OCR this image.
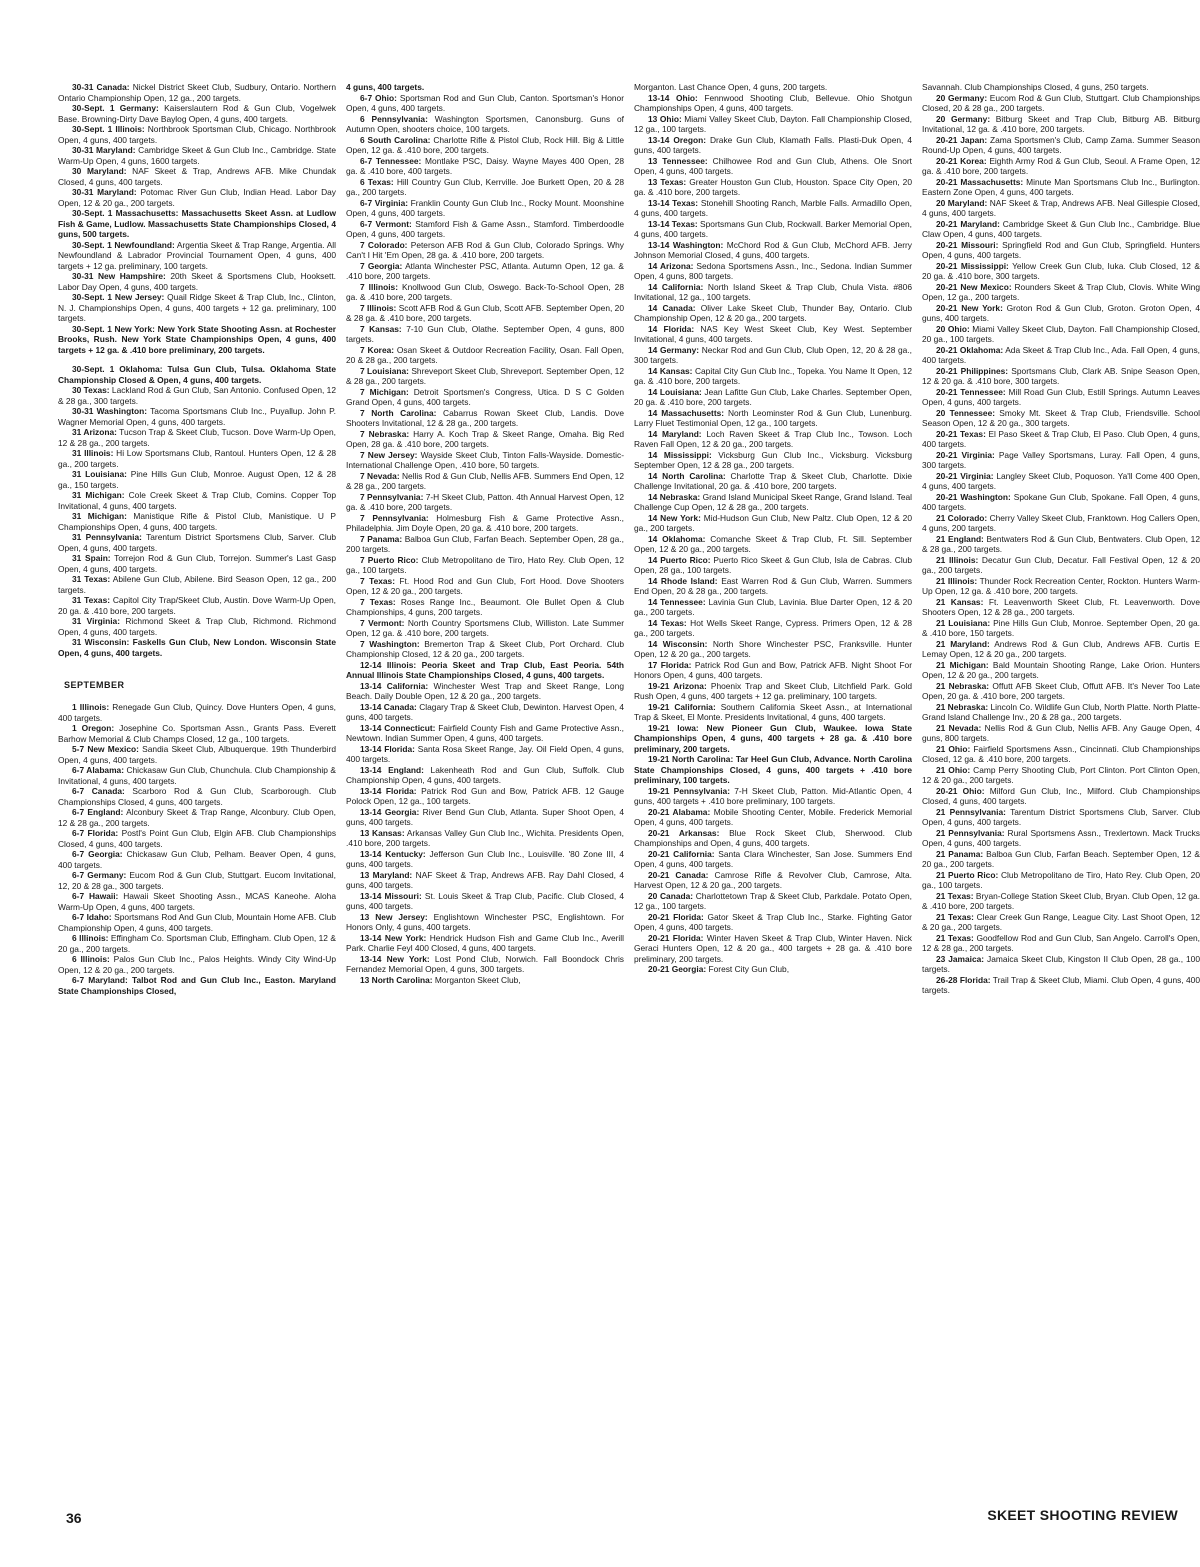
30-31 Canada: Nickel District Skeet Club, Sudbury, Ontario. Northern Ontario Championship Open, 12 ga., 200 targets.

30-Sept. 1 Germany: Kaiserslautern Rod & Gun Club, Vogelwek Base. Browning-Dirty Dave Baylog Open, 4 guns, 400 targets.

30-Sept. 1 Illinois: Northbrook Sportsman Club, Chicago. Northbrook Open, 4 guns, 400 targets.

30-31 Maryland: Cambridge Skeet & Gun Club Inc., Cambridge. State Warm-Up Open, 4 guns, 1600 targets.

30 Maryland: NAF Skeet & Trap, Andrews AFB. Mike Chundak Closed, 4 guns, 400 targets.

30-31 Maryland: Potomac River Gun Club, Indian Head. Labor Day Open, 12 & 20 ga., 200 targets.

30-Sept. 1 Massachusetts: Massachusetts Skeet Assn. at Ludlow Fish & Game, Ludlow. Massachusetts State Championships Closed, 4 guns, 500 targets.

30-Sept. 1 Newfoundland: Argentia Skeet & Trap Range, Argentia. All Newfoundland & Labrador Provincial Tournament Open, 4 guns, 400 targets + 12 ga. preliminary, 100 targets.

30-31 New Hampshire: 20th Skeet & Sportsmens Club, Hooksett. Labor Day Open, 4 guns, 400 targets.

30-Sept. 1 New Jersey: Quail Ridge Skeet & Trap Club, Inc., Clinton, N. J. Championships Open, 4 guns, 400 targets + 12 ga. preliminary, 100 targets.

30-Sept. 1 New York: New York State Shooting Assn. at Rochester Brooks, Rush. New York State Championships Open, 4 guns, 400 targets + 12 ga. & .410 bore preliminary, 200 targets.

30-Sept. 1 Oklahoma: Tulsa Gun Club, Tulsa. Oklahoma State Championship Closed & Open, 4 guns, 400 targets.

30 Texas: Lackland Rod & Gun Club, San Antonio. Confused Open, 12 & 28 ga., 300 targets.

30-31 Washington: Tacoma Sportsmans Club Inc., Puyallup. John P. Wagner Memorial Open, 4 guns, 400 targets.

31 Arizona: Tucson Trap & Skeet Club, Tucson. Dove Warm-Up Open, 12 & 28 ga., 200 targets.

31 Illinois: Hi Low Sportsmans Club, Rantoul. Hunters Open, 12 & 28 ga., 200 targets.

31 Louisiana: Pine Hills Gun Club, Monroe. August Open, 12 & 28 ga., 150 targets.

31 Michigan: Cole Creek Skeet & Trap Club, Comins. Copper Top Invitational, 4 guns, 400 targets.

31 Michigan: Manistique Rifle & Pistol Club, Manistique. U P Championships Open, 4 guns, 400 targets.

31 Pennsylvania: Tarentum District Sportsmens Club, Sarver. Club Open, 4 guns, 400 targets.

31 Spain: Torrejon Rod & Gun Club, Torrejon. Summer's Last Gasp Open, 4 guns, 400 targets.

31 Texas: Abilene Gun Club, Abilene. Bird Season Open, 12 ga., 200 targets.

31 Texas: Capitol City Trap/Skeet Club, Austin. Dove Warm-Up Open, 20 ga. & .410 bore, 200 targets.

31 Virginia: Richmond Skeet & Trap Club, Richmond. Richmond Open, 4 guns, 400 targets.

31 Wisconsin: Faskells Gun Club, New London. Wisconsin State Open, 4 guns, 400 targets.

SEPTEMBER

1 Illinois: Renegade Gun Club, Quincy. Dove Hunters Open, 4 guns, 400 targets.

1 Oregon: Josephine Co. Sportsman Assn., Grants Pass. Everett Barhow Memorial & Club Champs Closed, 12 ga., 100 targets.

5-7 New Mexico: Sandia Skeet Club, Albuquerque. 19th Thunderbird Open, 4 guns, 400 targets.

6-7 Alabama: Chickasaw Gun Club, Chunchula. Club Championship & Invitational, 4 guns, 400 targets.

6-7 Canada: Scarboro Rod & Gun Club, Scarborough. Club Championships Closed, 4 guns, 400 targets.

6-7 England: Alconbury Skeet & Trap Range, Alconbury. Club Open, 12 & 28 ga., 200 targets.

6-7 Florida: Postl's Point Gun Club, Elgin AFB. Club Championships Closed, 4 guns, 400 targets.

6-7 Georgia: Chickasaw Gun Club, Pelham. Beaver Open, 4 guns, 400 targets.

6-7 Germany: Eucom Rod & Gun Club, Stuttgart. Eucom Invitational, 12, 20 & 28 ga., 300 targets.

6-7 Hawaii: Hawaii Skeet Shooting Assn., MCAS Kaneohe. Aloha Warm-Up Open, 4 guns, 400 targets.

6-7 Idaho: Sportsmans Rod And Gun Club, Mountain Home AFB. Club Championship Open, 4 guns, 400 targets.

6 Illinois: Effingham Co. Sportsman Club, Effingham. Club Open, 12 & 20 ga., 200 targets.

6 Illinois: Palos Gun Club Inc., Palos Heights. Windy City Wind-Up Open, 12 & 20 ga., 200 targets.

6-7 Maryland: Talbot Rod and Gun Club Inc., Easton. Maryland State Championships Closed,

4 guns, 400 targets.

6-7 Ohio: Sportsman Rod and Gun Club, Canton. Sportsman's Honor Open, 4 guns, 400 targets.

6 Pennsylvania: Washington Sportsmen, Canonsburg. Guns of Autumn Open, shooters choice, 100 targets.

6 South Carolina: Charlotte Rifle & Pistol Club, Rock Hill. Big & Little Open, 12 ga. & .410 bore, 200 targets.

6-7 Tennessee: Montlake PSC, Daisy. Wayne Mayes 400 Open, 28 ga. & .410 bore, 400 targets.

6 Texas: Hill Country Gun Club, Kerrville. Joe Burkett Open, 20 & 28 ga., 200 targets.

6-7 Virginia: Franklin County Gun Club Inc., Rocky Mount. Moonshine Open, 4 guns, 400 targets.

6-7 Vermont: Stamford Fish & Game Assn., Stamford. Timberdoodle Open, 4 guns, 400 targets.

7 Colorado: Peterson AFB Rod & Gun Club, Colorado Springs. Why Can't I Hit 'Em Open, 28 ga. & .410 bore, 200 targets.

7 Georgia: Atlanta Winchester PSC, Atlanta. Autumn Open, 12 ga. & .410 bore, 200 targets.

7 Illinois: Knollwood Gun Club, Oswego. Back-To-School Open, 28 ga. & .410 bore, 200 targets.

7 Illinois: Scott AFB Rod & Gun Club, Scott AFB. September Open, 20 & 28 ga. & .410 bore, 200 targets.

7 Kansas: 7-10 Gun Club, Olathe. September Open, 4 guns, 800 targets.

7 Korea: Osan Skeet & Outdoor Recreation Facility, Osan. Fall Open, 20 & 28 ga., 200 targets.

7 Louisiana: Shreveport Skeet Club, Shreveport. September Open, 12 & 28 ga., 200 targets.

7 Michigan: Detroit Sportsmen's Congress, Utica. D S C Golden Grand Open, 4 guns, 400 targets.

7 North Carolina: Cabarrus Rowan Skeet Club, Landis. Dove Shooters Invitational, 12 & 28 ga., 200 targets.

7 Nebraska: Harry A. Koch Trap & Skeet Range, Omaha. Big Red Open, 28 ga. & .410 bore, 200 targets.

7 New Jersey: Wayside Skeet Club, Tinton Falls-Wayside. Domestic-International Challenge Open, .410 bore, 50 targets.

7 Nevada: Nellis Rod & Gun Club, Nellis AFB. Summers End Open, 12 & 28 ga., 200 targets.

7 Pennsylvania: 7-H Skeet Club, Patton. 4th Annual Harvest Open, 12 ga. & .410 bore, 200 targets.

7 Pennsylvania: Holmesburg Fish & Game Protective Assn., Philadelphia. Jim Doyle Open, 20 ga. & .410 bore, 200 targets.

7 Panama: Balboa Gun Club, Farfan Beach. September Open, 28 ga., 200 targets.

7 Puerto Rico: Club Metropolitano de Tiro, Hato Rey. Club Open, 12 ga., 100 targets.

7 Texas: Ft. Hood Rod and Gun Club, Fort Hood. Dove Shooters Open, 12 & 20 ga., 200 targets.

7 Texas: Roses Range Inc., Beaumont. Ole Bullet Open & Club Championships, 4 guns, 200 targets.

7 Vermont: North Country Sportsmens Club, Williston. Late Summer Open, 12 ga. & .410 bore, 200 targets.

7 Washington: Bremerton Trap & Skeet Club, Port Orchard. Club Championship Closed, 12 & 20 ga., 200 targets.

12-14 Illinois: Peoria Skeet and Trap Club, East Peoria. 54th Annual Illinois State Championships Closed, 4 guns, 400 targets.

13-14 California: Winchester West Trap and Skeet Range, Long Beach. Daily Double Open, 12 & 20 ga., 200 targets.

13-14 Canada: Clagary Trap & Skeet Club, Dewinton. Harvest Open, 4 guns, 400 targets.

13-14 Connecticut: Fairfield County Fish and Game Protective Assn., Newtown. Indian Summer Open, 4 guns, 400 targets.

13-14 Florida: Santa Rosa Skeet Range, Jay. Oil Field Open, 4 guns, 400 targets.

13-14 England: Lakenheath Rod and Gun Club, Suffolk. Club Championship Open, 4 guns, 400 targets.

13-14 Florida: Patrick Rod Gun and Bow, Patrick AFB. 12 Gauge Polock Open, 12 ga., 100 targets.

13-14 Georgia: River Bend Gun Club, Atlanta. Super Shoot Open, 4 guns, 400 targets.

13 Kansas: Arkansas Valley Gun Club Inc., Wichita. Presidents Open, .410 bore, 200 targets.

13-14 Kentucky: Jefferson Gun Club Inc., Louisville. '80 Zone III, 4 guns, 400 targets.

13 Maryland: NAF Skeet & Trap, Andrews AFB. Ray Dahl Closed, 4 guns, 400 targets.

13-14 Missouri: St. Louis Skeet & Trap Club, Pacific. Club Closed, 4 guns, 400 targets.

13 New Jersey: Englishtown Winchester PSC, Englishtown. For Honors Only, 4 guns, 400 targets.

13-14 New York: Hendrick Hudson Fish and Game Club Inc., Averill Park. Charlie Feyl 400 Closed, 4 guns, 400 targets.

13-14 New York: Lost Pond Club, Norwich. Fall Boondock Chris Fernandez Memorial Open, 4 guns, 300 targets.

13 North Carolina: Morganton Skeet Club,

Morganton. Last Chance Open, 4 guns, 200 targets.

13-14 Ohio: Fennwood Shooting Club, Bellevue. Ohio Shotgun Championships Open, 4 guns, 400 targets.

13 Ohio: Miami Valley Skeet Club, Dayton. Fall Championship Closed, 12 ga., 100 targets.

13-14 Oregon: Drake Gun Club, Klamath Falls. Plasti-Duk Open, 4 guns, 400 targets.

13 Tennessee: Chilhowee Rod and Gun Club, Athens. Ole Snort Open, 4 guns, 400 targets.

13 Texas: Greater Houston Gun Club, Houston. Space City Open, 20 ga. & .410 bore, 200 targets.

13-14 Texas: Stonehill Shooting Ranch, Marble Falls. Armadillo Open, 4 guns, 400 targets.

13-14 Texas: Sportsmans Gun Club, Rockwall. Barker Memorial Open, 4 guns, 400 targets.

13-14 Washington: McChord Rod & Gun Club, McChord AFB. Jerry Johnson Memorial Closed, 4 guns, 400 targets.

14 Arizona: Sedona Sportsmens Assn., Inc., Sedona. Indian Summer Open, 4 guns, 800 targets.

14 California: North Island Skeet & Trap Club, Chula Vista. #806 Invitational, 12 ga., 100 targets.

14 Canada: Oliver Lake Skeet Club, Thunder Bay, Ontario. Club Championship Open, 12 & 20 ga., 200 targets.

14 Florida: NAS Key West Skeet Club, Key West. September Invitational, 4 guns, 400 targets.

14 Germany: Neckar Rod and Gun Club, Club Open, 12, 20 & 28 ga., 300 targets.

14 Kansas: Capital City Gun Club Inc., Topeka. You Name It Open, 12 ga. & .410 bore, 200 targets.

14 Louisiana: Jean Lafitte Gun Club, Lake Charles. September Open, 20 ga. & .410 bore, 200 targets.

14 Massachusetts: North Leominster Rod & Gun Club, Lunenburg. Larry Fluet Testimonial Open, 12 ga., 100 targets.

14 Maryland: Loch Raven Skeet & Trap Club Inc., Towson. Loch Raven Fall Open, 12 & 20 ga., 200 targets.

14 Mississippi: Vicksburg Gun Club Inc., Vicksburg. Vicksburg September Open, 12 & 28 ga., 200 targets.

14 North Carolina: Charlotte Trap & Skeet Club, Charlotte. Dixie Challenge Invitational, 20 ga. & .410 bore, 200 targets.

14 Nebraska: Grand Island Municipal Skeet Range, Grand Island. Teal Challenge Cup Open, 12 & 28 ga., 200 targets.

14 New York: Mid-Hudson Gun Club, New Paltz. Club Open, 12 & 20 ga., 200 targets.

14 Oklahoma: Comanche Skeet & Trap Club, Ft. Sill. September Open, 12 & 20 ga., 200 targets.

14 Puerto Rico: Puerto Rico Skeet & Gun Club, Isla de Cabras. Club Open, 28 ga., 100 targets.

14 Rhode Island: East Warren Rod & Gun Club, Warren. Summers End Open, 20 & 28 ga., 200 targets.

14 Tennessee: Lavinia Gun Club, Lavinia. Blue Darter Open, 12 & 20 ga., 200 targets.

14 Texas: Hot Wells Skeet Range, Cypress. Primers Open, 12 & 28 ga., 200 targets.

14 Wisconsin: North Shore Winchester PSC, Franksville. Hunter Open, 12 & 20 ga., 200 targets.

17 Florida: Patrick Rod Gun and Bow, Patrick AFB. Night Shoot For Honors Open, 4 guns, 400 targets.

19-21 Arizona: Phoenix Trap and Skeet Club, Litchfield Park. Gold Rush Open, 4 guns, 400 targets + 12 ga. preliminary, 100 targets.

19-21 California: Southern California Skeet Assn., at International Trap & Skeet, El Monte. Presidents Invitational, 4 guns, 400 targets.

19-21 Iowa: New Pioneer Gun Club, Waukee. Iowa State Championships Open, 4 guns, 400 targets + 28 ga. & .410 bore preliminary, 200 targets.

19-21 North Carolina: Tar Heel Gun Club, Advance. North Carolina State Championships Closed, 4 guns, 400 targets + .410 bore preliminary, 100 targets.

19-21 Pennsylvania: 7-H Skeet Club, Patton. Mid-Atlantic Open, 4 guns, 400 targets + .410 bore preliminary, 100 targets.

20-21 Alabama: Mobile Shooting Center, Mobile. Frederick Memorial Open, 4 guns, 400 targets.

20-21 Arkansas: Blue Rock Skeet Club, Sherwood. Club Championships and Open, 4 guns, 400 targets.

20-21 California: Santa Clara Winchester, San Jose. Summers End Open, 4 guns, 400 targets.

20-21 Canada: Camrose Rifle & Revolver Club, Camrose, Alta. Harvest Open, 12 & 20 ga., 200 targets.

20 Canada: Charlottetown Trap & Skeet Club, Parkdale. Potato Open, 12 ga., 100 targets.

20-21 Florida: Gator Skeet & Trap Club Inc., Starke. Fighting Gator Open, 4 guns, 400 targets.

20-21 Florida: Winter Haven Skeet & Trap Club, Winter Haven. Nick Geraci Hunters Open, 12 & 20 ga., 400 targets + 28 ga. & .410 bore preliminary, 200 targets.

20-21 Georgia: Forest City Gun Club,

Savannah. Club Championships Closed, 4 guns, 250 targets.

20 Germany: Eucom Rod & Gun Club, Stuttgart. Club Championships Closed, 20 & 28 ga., 200 targets.

20 Germany: Bitburg Skeet and Trap Club, Bitburg AB. Bitburg Invitational, 12 ga. & .410 bore, 200 targets.

20-21 Japan: Zama Sportsmen's Club, Camp Zama. Summer Season Round-Up Open, 4 guns, 400 targets.

20-21 Korea: Eighth Army Rod & Gun Club, Seoul. A Frame Open, 12 ga. & .410 bore, 200 targets.

20-21 Massachusetts: Minute Man Sportsmans Club Inc., Burlington. Eastern Zone Open, 4 guns, 400 targets.

20 Maryland: NAF Skeet & Trap, Andrews AFB. Neal Gillespie Closed, 4 guns, 400 targets.

20-21 Maryland: Cambridge Skeet & Gun Club Inc., Cambridge. Blue Claw Open, 4 guns, 400 targets.

20-21 Missouri: Springfield Rod and Gun Club, Springfield. Hunters Open, 4 guns, 400 targets.

20-21 Mississippi: Yellow Creek Gun Club, Iuka. Club Closed, 12 & 20 ga. & .410 bore, 300 targets.

20-21 New Mexico: Rounders Skeet & Trap Club, Clovis. White Wing Open, 12 ga., 200 targets.

20-21 New York: Groton Rod & Gun Club, Groton. Groton Open, 4 guns, 400 targets.

20 Ohio: Miami Valley Skeet Club, Dayton. Fall Championship Closed, 20 ga., 100 targets.

20-21 Oklahoma: Ada Skeet & Trap Club Inc., Ada. Fall Open, 4 guns, 400 targets.

20-21 Philippines: Sportsmans Club, Clark AB. Snipe Season Open, 12 & 20 ga. & .410 bore, 300 targets.

20-21 Tennessee: Mill Road Gun Club, Estill Springs. Autumn Leaves Open, 4 guns, 400 targets.

20 Tennessee: Smoky Mt. Skeet & Trap Club, Friendsville. School Season Open, 12 & 20 ga., 300 targets.

20-21 Texas: El Paso Skeet & Trap Club, El Paso. Club Open, 4 guns, 400 targets.

20-21 Virginia: Page Valley Sportsmans, Luray. Fall Open, 4 guns, 300 targets.

20-21 Virginia: Langley Skeet Club, Poquoson. Ya'll Come 400 Open, 4 guns, 400 targets.

20-21 Washington: Spokane Gun Club, Spokane. Fall Open, 4 guns, 400 targets.

21 Colorado: Cherry Valley Skeet Club, Franktown. Hog Callers Open, 4 guns, 200 targets.

21 England: Bentwaters Rod & Gun Club, Bentwaters. Club Open, 12 & 28 ga., 200 targets.

21 Illinois: Decatur Gun Club, Decatur. Fall Festival Open, 12 & 20 ga., 200 targets.

21 Illinois: Thunder Rock Recreation Center, Rockton. Hunters Warm-Up Open, 12 ga. & .410 bore, 200 targets.

21 Kansas: Ft. Leavenworth Skeet Club, Ft. Leavenworth. Dove Shooters Open, 12 & 28 ga., 200 targets.

21 Louisiana: Pine Hills Gun Club, Monroe. September Open, 20 ga. & .410 bore, 150 targets.

21 Maryland: Andrews Rod & Gun Club, Andrews AFB. Curtis E Lemay Open, 12 & 20 ga., 200 targets.

21 Michigan: Bald Mountain Shooting Range, Lake Orion. Hunters Open, 12 & 20 ga., 200 targets.

21 Nebraska: Offutt AFB Skeet Club, Offutt AFB. It's Never Too Late Open, 20 ga. & .410 bore, 200 targets.

21 Nebraska: Lincoln Co. Wildlife Gun Club, North Platte. North Platte-Grand Island Challenge Inv., 20 & 28 ga., 200 targets.

21 Nevada: Nellis Rod & Gun Club, Nellis AFB. Any Gauge Open, 4 guns, 800 targets.

21 Ohio: Fairfield Sportsmens Assn., Cincinnati. Club Championships Closed, 12 ga. & .410 bore, 200 targets.

21 Ohio: Camp Perry Shooting Club, Port Clinton. Port Clinton Open, 12 & 20 ga., 200 targets.

20-21 Ohio: Milford Gun Club, Inc., Milford. Club Championships Closed, 4 guns, 400 targets.

21 Pennsylvania: Tarentum District Sportsmens Club, Sarver. Club Open, 4 guns, 400 targets.

21 Pennsylvania: Rural Sportsmens Assn., Trexlertown. Mack Trucks Open, 4 guns, 400 targets.

21 Panama: Balboa Gun Club, Farfan Beach. September Open, 12 & 20 ga., 200 targets.

21 Puerto Rico: Club Metropolitano de Tiro, Hato Rey. Club Open, 20 ga., 100 targets.

21 Texas: Bryan-College Station Skeet Club, Bryan. Club Open, 12 ga. & .410 bore, 200 targets.

21 Texas: Clear Creek Gun Range, League City. Last Shoot Open, 12 & 20 ga., 200 targets.

21 Texas: Goodfellow Rod and Gun Club, San Angelo. Carroll's Open, 12 & 28 ga., 200 targets.

23 Jamaica: Jamaica Skeet Club, Kingston II Club Open, 28 ga., 100 targets.

26-28 Florida: Trail Trap & Skeet Club, Miami. Club Open, 4 guns, 400 targets.

36	SKEET SHOOTING REVIEW
